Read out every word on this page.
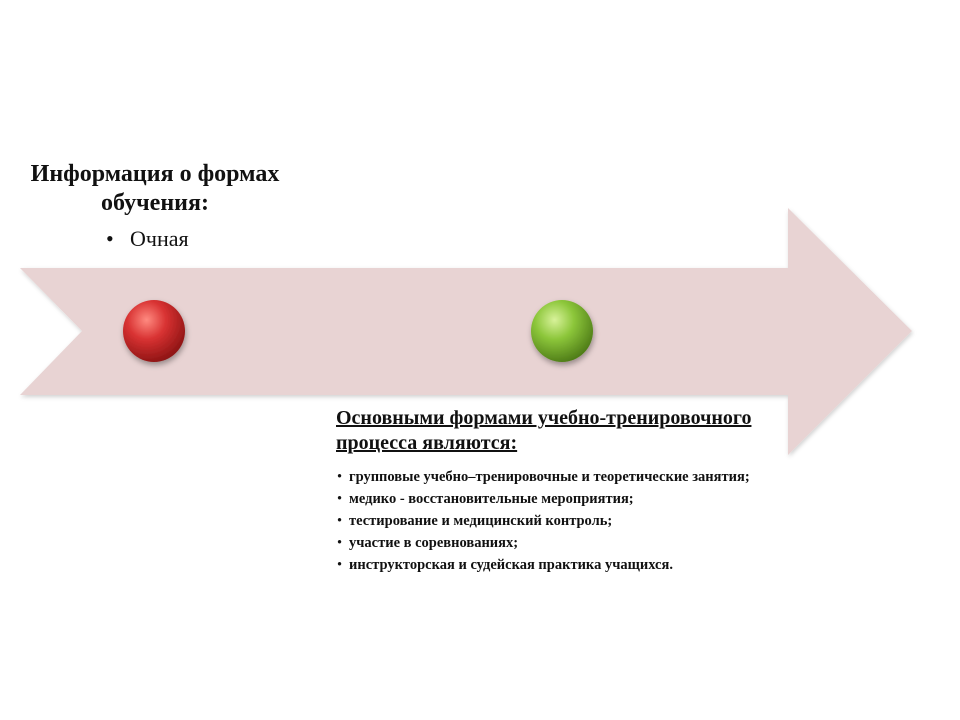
Информация о формах обучения:
• Очная
Основными формами учебно-тренировочного процесса являются:
• групповые учебно–тренировочные и теоретические занятия;
• медико - восстановительные мероприятия;
• тестирование и медицинский контроль;
• участие в соревнованиях;
• инструкторская и судейская практика учащихся.
